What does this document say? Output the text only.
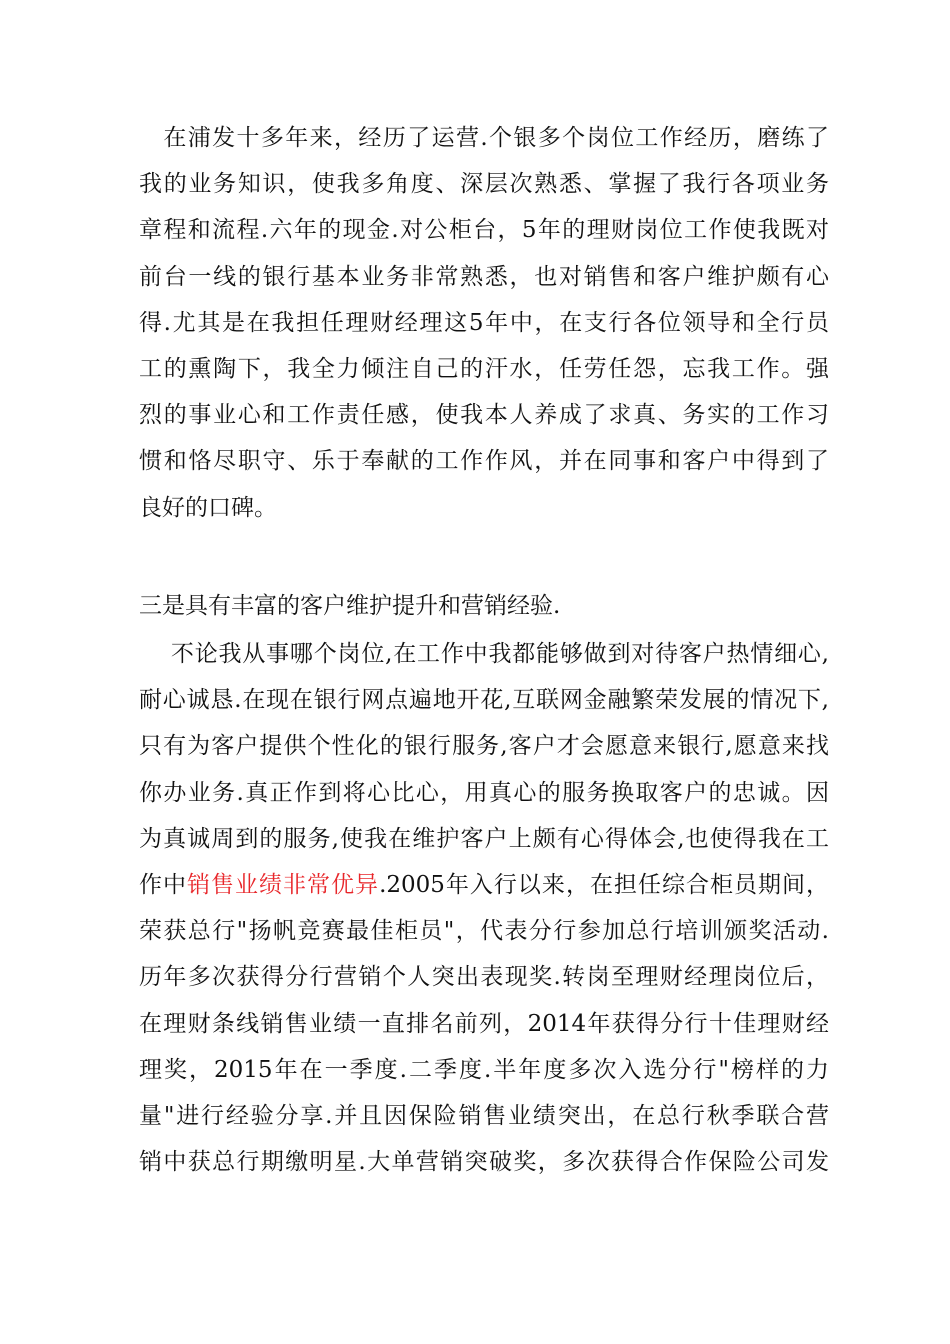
　在浦发十多年来，经历了运营.个银多个岗位工作经历，磨练了
我的业务知识，使我多角度、深层次熟悉、掌握了我行各项业务
章程和流程.六年的现金.对公柜台，5年的理财岗位工作使我既对
前台一线的银行基本业务非常熟悉，也对销售和客户维护颇有心
得.尤其是在我担任理财经理这5年中，在支行各位领导和全行员
工的熏陶下，我全力倾注自己的汗水，任劳任怨，忘我工作。强
烈的事业心和工作责任感，使我本人养成了求真、务实的工作习
惯和恪尽职守、乐于奉献的工作作风，并在同事和客户中得到了
良好的口碑。
三是具有丰富的客户维护提升和营销经验.
　 不论我从事哪个岗位,在工作中我都能够做到对待客户热情细心,
耐心诚恳.在现在银行网点遍地开花,互联网金融繁荣发展的情况下,
只有为客户提供个性化的银行服务,客户才会愿意来银行,愿意来找
你办业务.真正作到将心比心，用真心的服务换取客户的忠诚。因
为真诚周到的服务,使我在维护客户上颇有心得体会,也使得我在工
作中销售业绩非常优异.2005年入行以来，在担任综合柜员期间，
荣获总行"扬帆竞赛最佳柜员"，代表分行参加总行培训颁奖活动.
历年多次获得分行营销个人突出表现奖.转岗至理财经理岗位后，
在理财条线销售业绩一直排名前列，2014年获得分行十佳理财经
理奖，2015年在一季度.二季度.半年度多次入选分行"榜样的力
量"进行经验分享.并且因保险销售业绩突出，在总行秋季联合营
销中获总行期缴明星.大单营销突破奖，多次获得合作保险公司发
